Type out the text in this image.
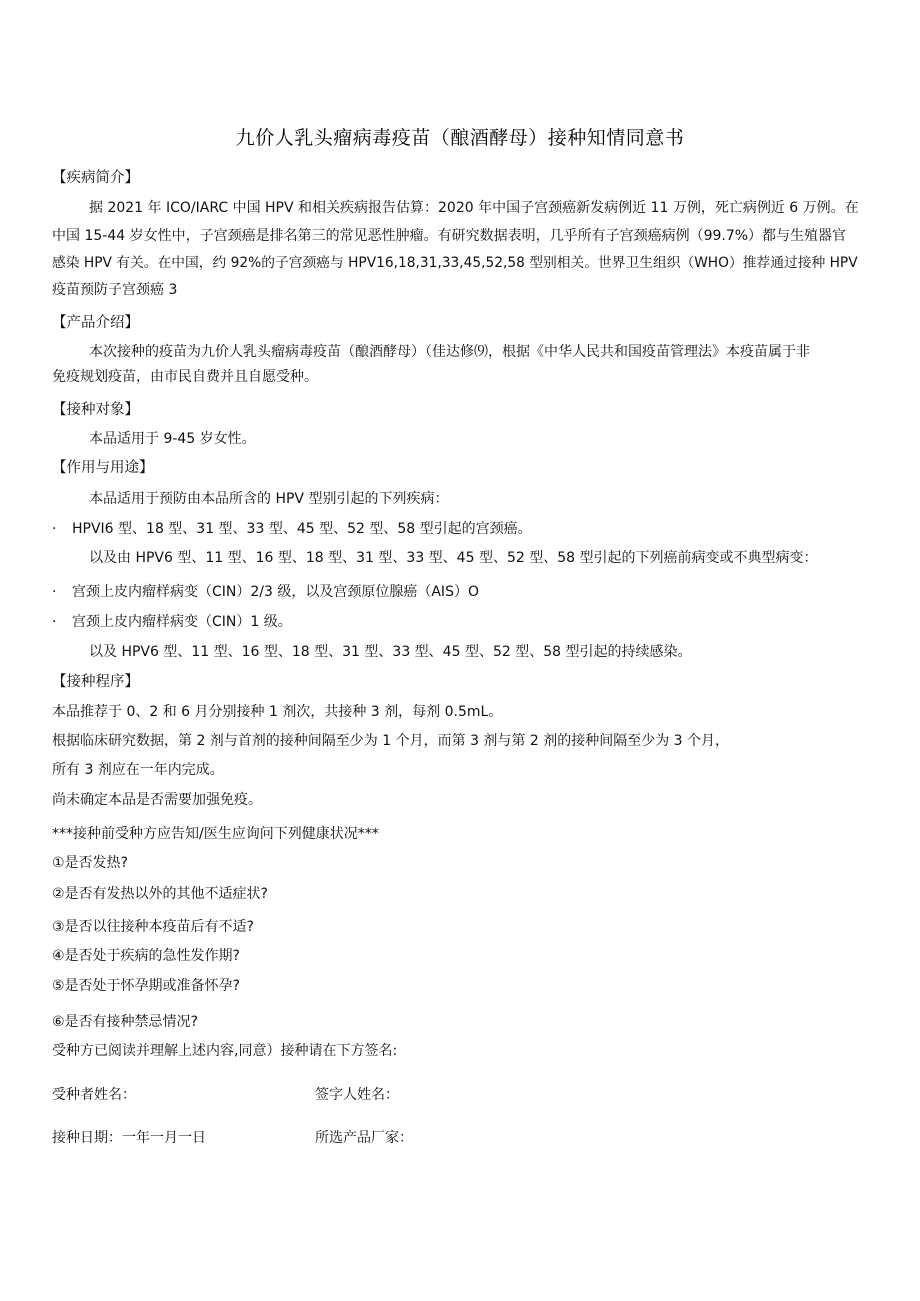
九价人乳头瘤病毒疫苗（酿酒酵母）接种知情同意书
【疾病简介】
据 2021 年 ICO/IARC 中国 HPV 和相关疾病报告估算：2020 年中国子宫颈癌新发病例近 11 万例，死亡病例近 6 万例。在
中国 15-44 岁女性中，子宫颈癌是排名第三的常见恶性肿瘤。有研究数据表明，几乎所有子宫颈癌病例（99.7%）都与生殖器官
感染 HPV 有关。在中国，约 92%的子宫颈癌与 HPV16,18,31,33,45,52,58 型别相关。世界卫生组织（WHO）推荐通过接种 HPV
疫苗预防子宫颈癌 3
【产品介绍】
本次接种的疫苗为九价人乳头瘤病毒疫苗（酿酒酵母）（佳达修⑼，根据《中华人民共和国疫苗管理法》本疫苗属于非
免疫规划疫苗，由市民自费并且自愿受种。
【接种对象】
本品适用于 9-45 岁女性。
【作用与用途】
本品适用于预防由本品所含的 HPV 型别引起的下列疾病：
· HPVI6 型、18 型、31 型、33 型、45 型、52 型、58 型引起的宫颈癌。
以及由 HPV6 型、11 型、16 型、18 型、31 型、33 型、45 型、52 型、58 型引起的下列癌前病变或不典型病变：
· 宫颈上皮内瘤样病变（CIN）2/3 级，以及宫颈原位腺癌（AIS）O
· 宫颈上皮内瘤样病变（CIN）1 级。
以及 HPV6 型、11 型、16 型、18 型、31 型、33 型、45 型、52 型、58 型引起的持续感染。
【接种程序】
本品推荐于 0、2 和 6 月分别接种 1 剂次，共接种 3 剂，每剂 0.5mL。
根据临床研究数据，第 2 剂与首剂的接种间隔至少为 1 个月，而第 3 剂与第 2 剂的接种间隔至少为 3 个月，
所有 3 剂应在一年内完成。
尚未确定本品是否需要加强免疫。
***接种前受种方应告知/医生应询问下列健康状况***
①是否发热?
②是否有发热以外的其他不适症状?
③是否以往接种本疫苗后有不适?
④是否处于疾病的急性发作期?
⑤是否处于怀孕期或准备怀孕?
⑥是否有接种禁忌情况?
受种方已阅读并理解上述内容,同意）接种请在下方签名:
受种者姓名：	签字人姓名：
接种日期：一年一月一日	所选产品厂家：
